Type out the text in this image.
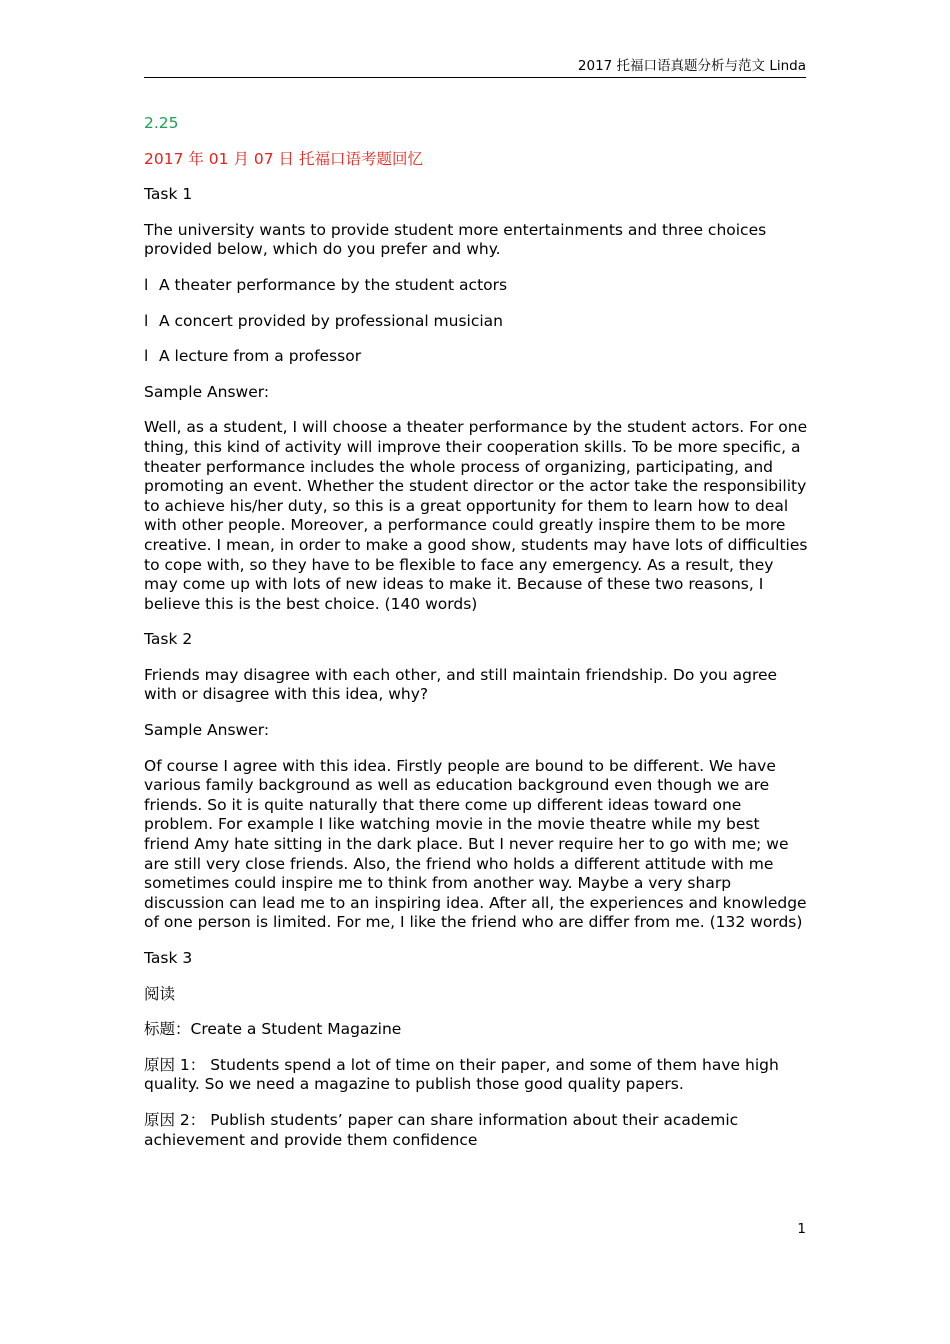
2017 托福口语真题分析与范文 Linda

2.25

2017 年 01 月 07 日 托福口语考题回忆

Task 1

The university wants to provide student more entertainments and three choices provided below, which do you prefer and why.

l A theater performance by the student actors

l A concert provided by professional musician

l A lecture from a professor

Sample Answer:

Well, as a student, I will choose a theater performance by the student actors. For one thing, this kind of activity will improve their cooperation skills. To be more specific, a theater performance includes the whole process of organizing, participating, and promoting an event. Whether the student director or the actor take the responsibility to achieve his/her duty, so this is a great opportunity for them to learn how to deal with other people. Moreover, a performance could greatly inspire them to be more creative. I mean, in order to make a good show, students may have lots of difficulties to cope with, so they have to be flexible to face any emergency. As a result, they may come up with lots of new ideas to make it. Because of these two reasons, I believe this is the best choice. (140 words)

Task 2

Friends may disagree with each other, and still maintain friendship. Do you agree with or disagree with this idea, why?

Sample Answer:

Of course I agree with this idea. Firstly people are bound to be different. We have various family background as well as education background even though we are friends. So it is quite naturally that there come up different ideas toward one problem. For example I like watching movie in the movie theatre while my best friend Amy hate sitting in the dark place. But I never require her to go with me; we are still very close friends. Also, the friend who holds a different attitude with me sometimes could inspire me to think from another way. Maybe a very sharp discussion can lead me to an inspiring idea. After all, the experiences and knowledge of one person is limited. For me, I like the friend who are differ from me. (132 words)

Task 3

阅读

标题：Create a Student Magazine

原因 1： Students spend a lot of time on their paper, and some of them have high quality. So we need a magazine to publish those good quality papers.

原因 2： Publish students’ paper can share information about their academic achievement and provide them confidence

1
